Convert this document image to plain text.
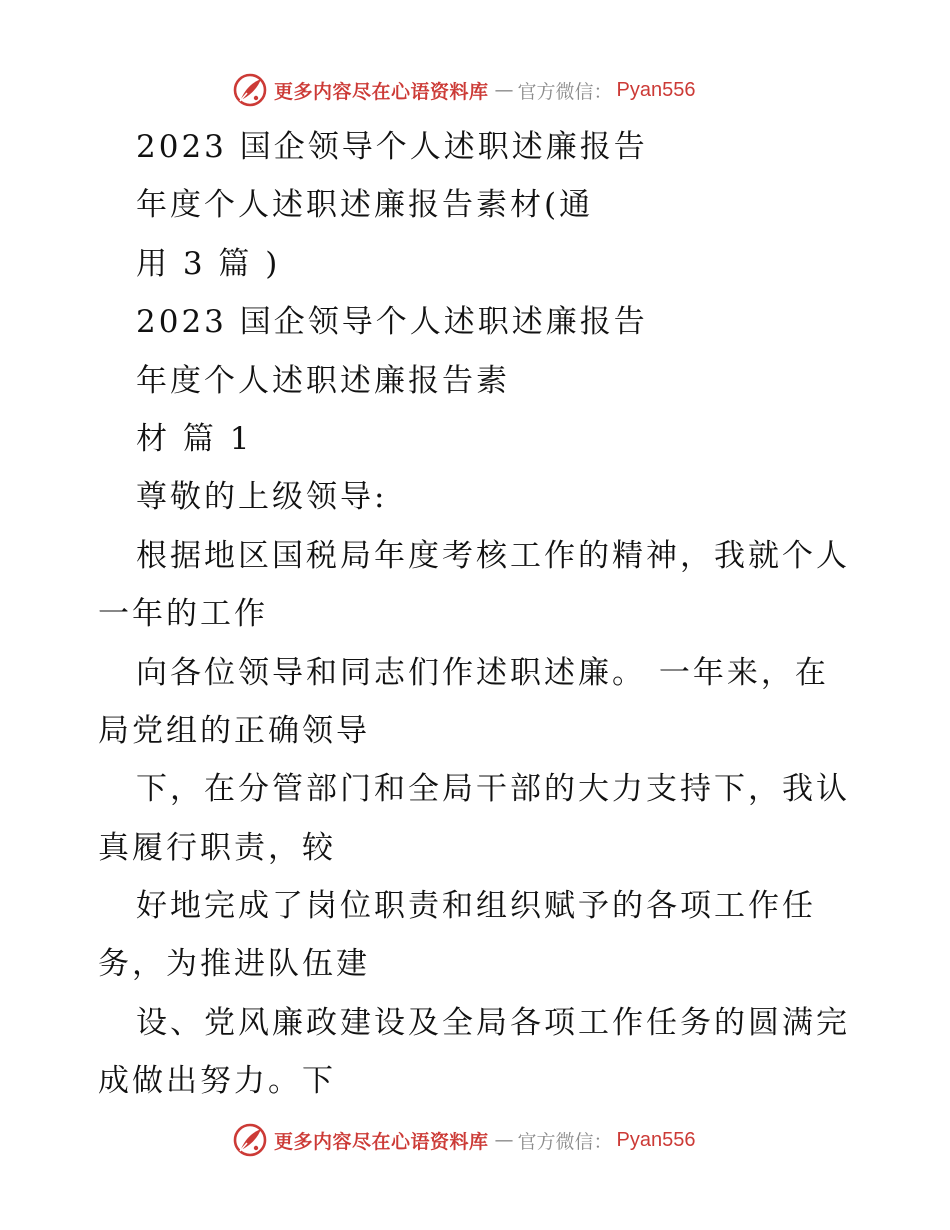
更多内容尽在心语资料库 — 官方微信： Pyan556
2023 国企领导个人述职述廉报告
年度个人述职述廉报告素材(通
用 3 篇 )
2023 国企领导个人述职述廉报告
年度个人述职述廉报告素
材 篇 1
尊敬的上级领导:
根据地区国税局年度考核工作的精神，我就个人
一年的工作
向各位领导和同志们作述职述廉。 一年来，在
局党组的正确领导
下，在分管部门和全局干部的大力支持下，我认
真履行职责，较
好地完成了岗位职责和组织赋予的各项工作任
务，为推进队伍建
设、党风廉政建设及全局各项工作任务的圆满完
成做出努力。下
更多内容尽在心语资料库 — 官方微信： Pyan556
